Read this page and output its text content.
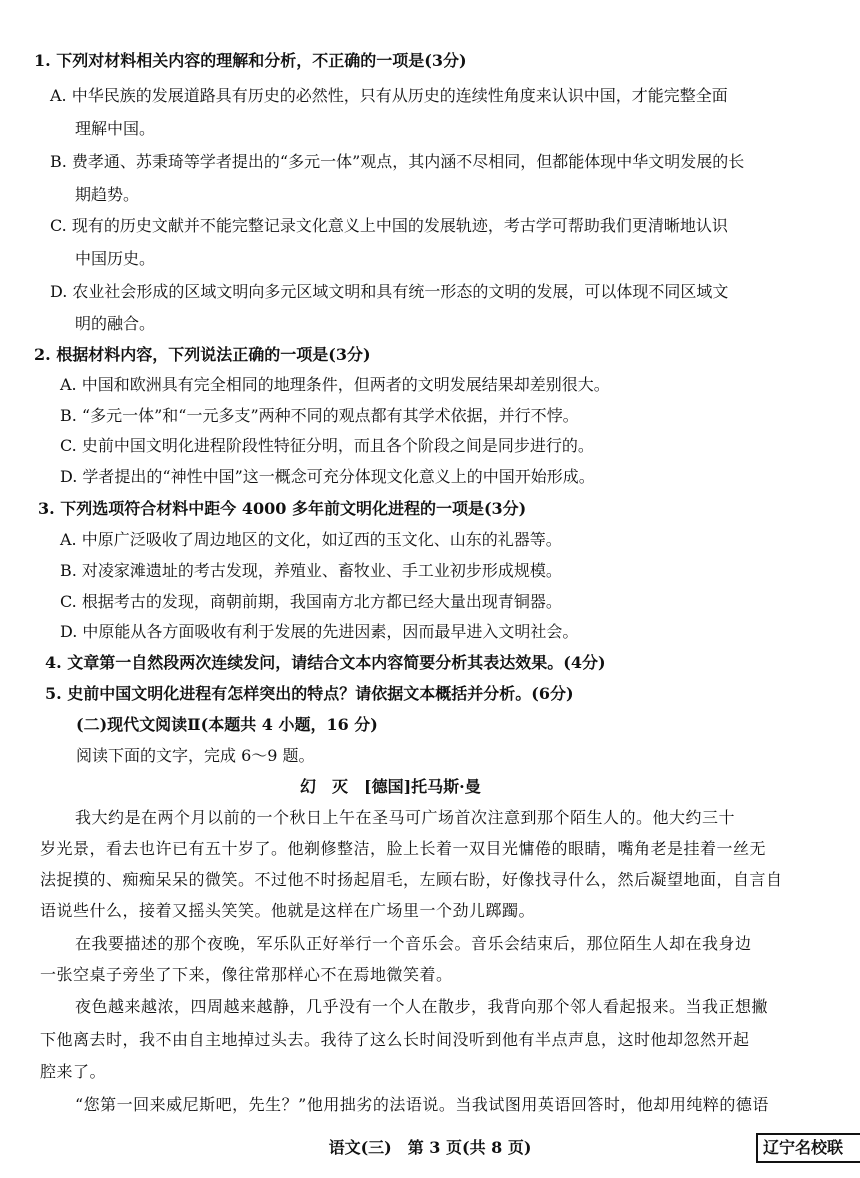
1. 下列对材料相关内容的理解和分析，不正确的一项是(3分)
A. 中华民族的发展道路具有历史的必然性，只有从历史的连续性角度来认识中国，才能完整全面
理解中国。
B. 费孝通、苏秉琦等学者提出的“多元一体”观点，其内涵不尽相同，但都能体现中华文明发展的长
期趋势。
C. 现有的历史文献并不能完整记录文化意义上中国的发展轨迹，考古学可帮助我们更清晰地认识
中国历史。
D. 农业社会形成的区域文明向多元区域文明和具有统一形态的文明的发展，可以体现不同区域文
明的融合。
2. 根据材料内容，下列说法正确的一项是(3分)
A. 中国和欧洲具有完全相同的地理条件，但两者的文明发展结果却差别很大。
B. “多元一体”和“一元多支”两种不同的观点都有其学术依据，并行不悖。
C. 史前中国文明化进程阶段性特征分明，而且各个阶段之间是同步进行的。
D. 学者提出的“神性中国”这一概念可充分体现文化意义上的中国开始形成。
3. 下列选项符合材料中距今 4000 多年前文明化进程的一项是(3分)
A. 中原广泛吸收了周边地区的文化，如辽西的玉文化、山东的礼器等。
B. 对凌家滩遗址的考古发现，养殖业、畜牧业、手工业初步形成规模。
C. 根据考古的发现，商朝前期，我国南方北方都已经大量出现青铜器。
D. 中原能从各方面吸收有利于发展的先进因素，因而最早进入文明社会。
4. 文章第一自然段两次连续发问，请结合文本内容简要分析其表达效果。(4分)
5. 史前中国文明化进程有怎样突出的特点？请依据文本概括并分析。(6分)
(二)现代文阅读Ⅱ(本题共 4 小题，16 分)
阅读下面的文字，完成 6～9 题。
幻　灭　[德国]托马斯·曼
我大约是在两个月以前的一个秋日上午在圣马可广场首次注意到那个陌生人的。他大约三十
岁光景，看去也许已有五十岁了。他剃修整洁，脸上长着一双目光慵倦的眼睛，嘴角老是挂着一丝无
法捉摸的、痴痴呆呆的微笑。不过他不时扬起眉毛，左顾右盼，好像找寻什么，然后凝望地面，自言自
语说些什么，接着又摇头笑笑。他就是这样在广场里一个劲儿踯躅。
在我要描述的那个夜晚，军乐队正好举行一个音乐会。音乐会结束后，那位陌生人却在我身边
一张空桌子旁坐了下来，像往常那样心不在焉地微笑着。
夜色越来越浓，四周越来越静，几乎没有一个人在散步，我背向那个邻人看起报来。当我正想撇
下他离去时，我不由自主地掉过头去。我待了这么长时间没听到他有半点声息，这时他却忽然开起
腔来了。
“您第一回来威尼斯吧，先生？”他用拙劣的法语说。当我试图用英语回答时，他却用纯粹的德语
语文(三)　第 3 页(共 8 页)	辽宁名校联
